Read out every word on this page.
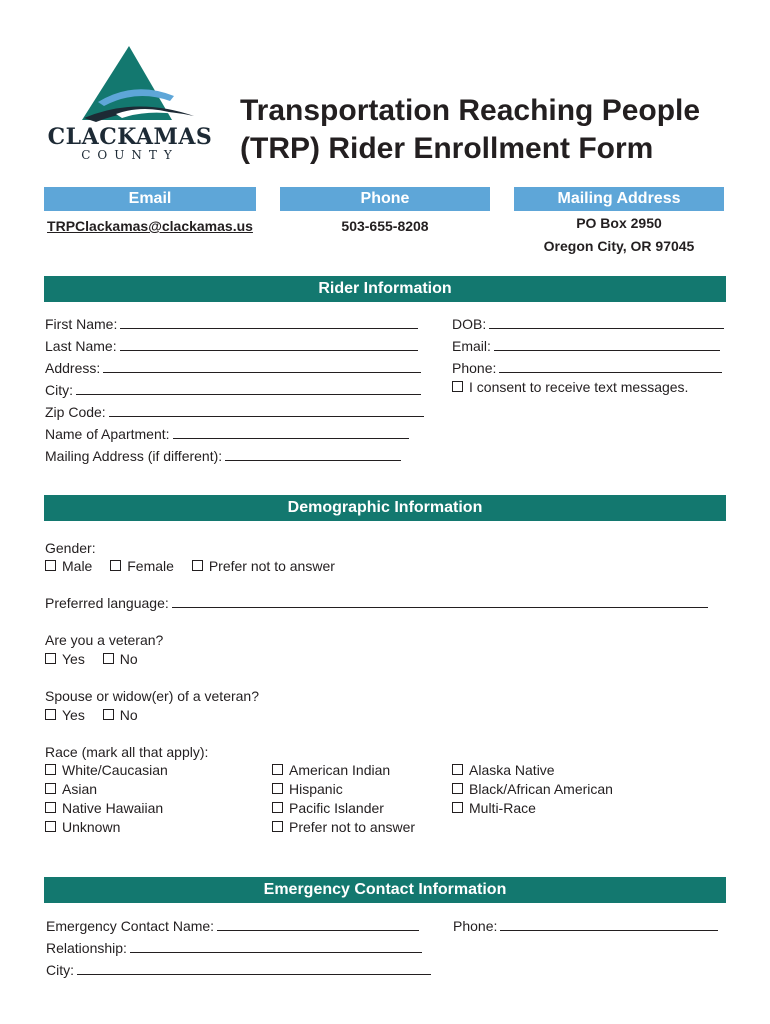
CLACKAMAS
COUNTY
Transportation Reaching People
(TRP) Rider Enrollment Form
Email	Phone	Mailing Address
TRPClackamas@clackamas.us	503-655-8208	PO Box 2950
Oregon City, OR 97045
Rider Information
First Name:
Last Name:
Address:
City:
Zip Code:
Name of Apartment:
Mailing Address (if different):
DOB:
Email:
Phone:
I consent to receive text messages.
Demographic Information
Gender:
Male Female Prefer not to answer
Preferred language:
Are you a veteran?
Yes No
Spouse or widow(er) of a veteran?
Yes No
Race (mark all that apply):
White/Caucasian
Asian
Native Hawaiian
Unknown
American Indian
Hispanic
Pacific Islander
Prefer not to answer
Alaska Native
Black/African American
Multi-Race
Emergency Contact Information
Emergency Contact Name:
Relationship:
City:
Phone:
